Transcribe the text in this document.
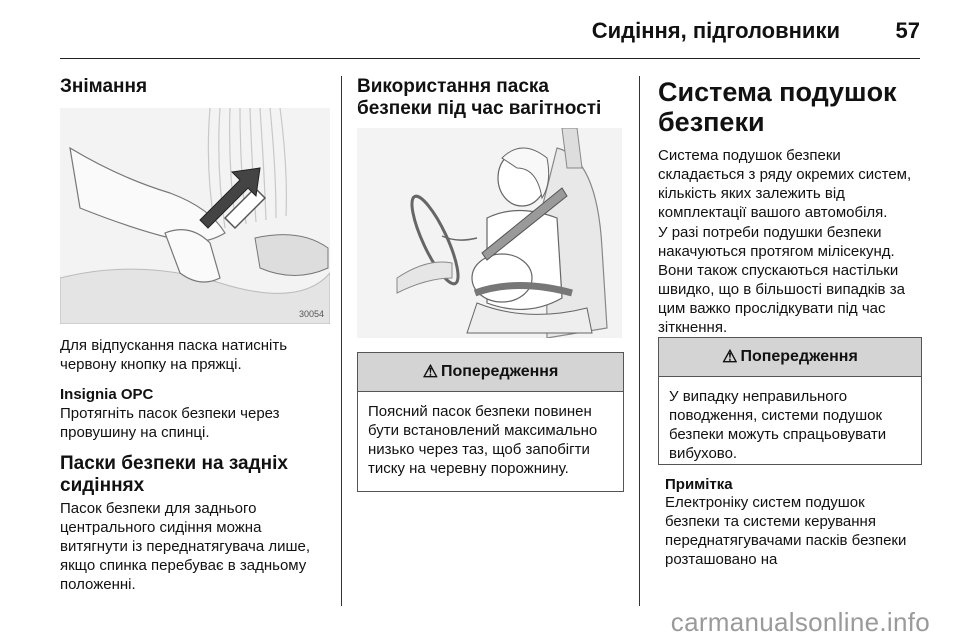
Сидіння, підголовники	57
Знімання
30054

Для відпускання паска натисніть червону кнопку на пряжці.

Insignia OPC

Протягніть пасок безпеки через провушину на спинці.

Паски безпеки на задніх сидіннях

Пасок безпеки для заднього центрального сидіння можна витягнути із переднатягувача лише, якщо спинка перебуває в задньому положенні.

Використання паска безпеки під час вагітності
⚠ Попередження
Поясний пасок безпеки повинен бути встановлений максимально низько через таз, щоб запобігти тиску на черевну порожнину.
Система подушок безпеки

Система подушок безпеки складається з ряду окремих систем, кількість яких залежить від комплектації вашого автомобіля.

У разі потреби подушки безпеки накачуються протягом мілісекунд. Вони також спускаються настільки швидко, що в більшості випадків за цим важко прослідкувати під час зіткнення.

⚠ Попередження
У випадку неправильного поводження, системи подушок безпеки можуть спрацьовувати вибухово.

Примітка

Електроніку систем подушок безпеки та системи керування переднатягувачами пасків безпеки розташовано на

carmanualsonline.info
